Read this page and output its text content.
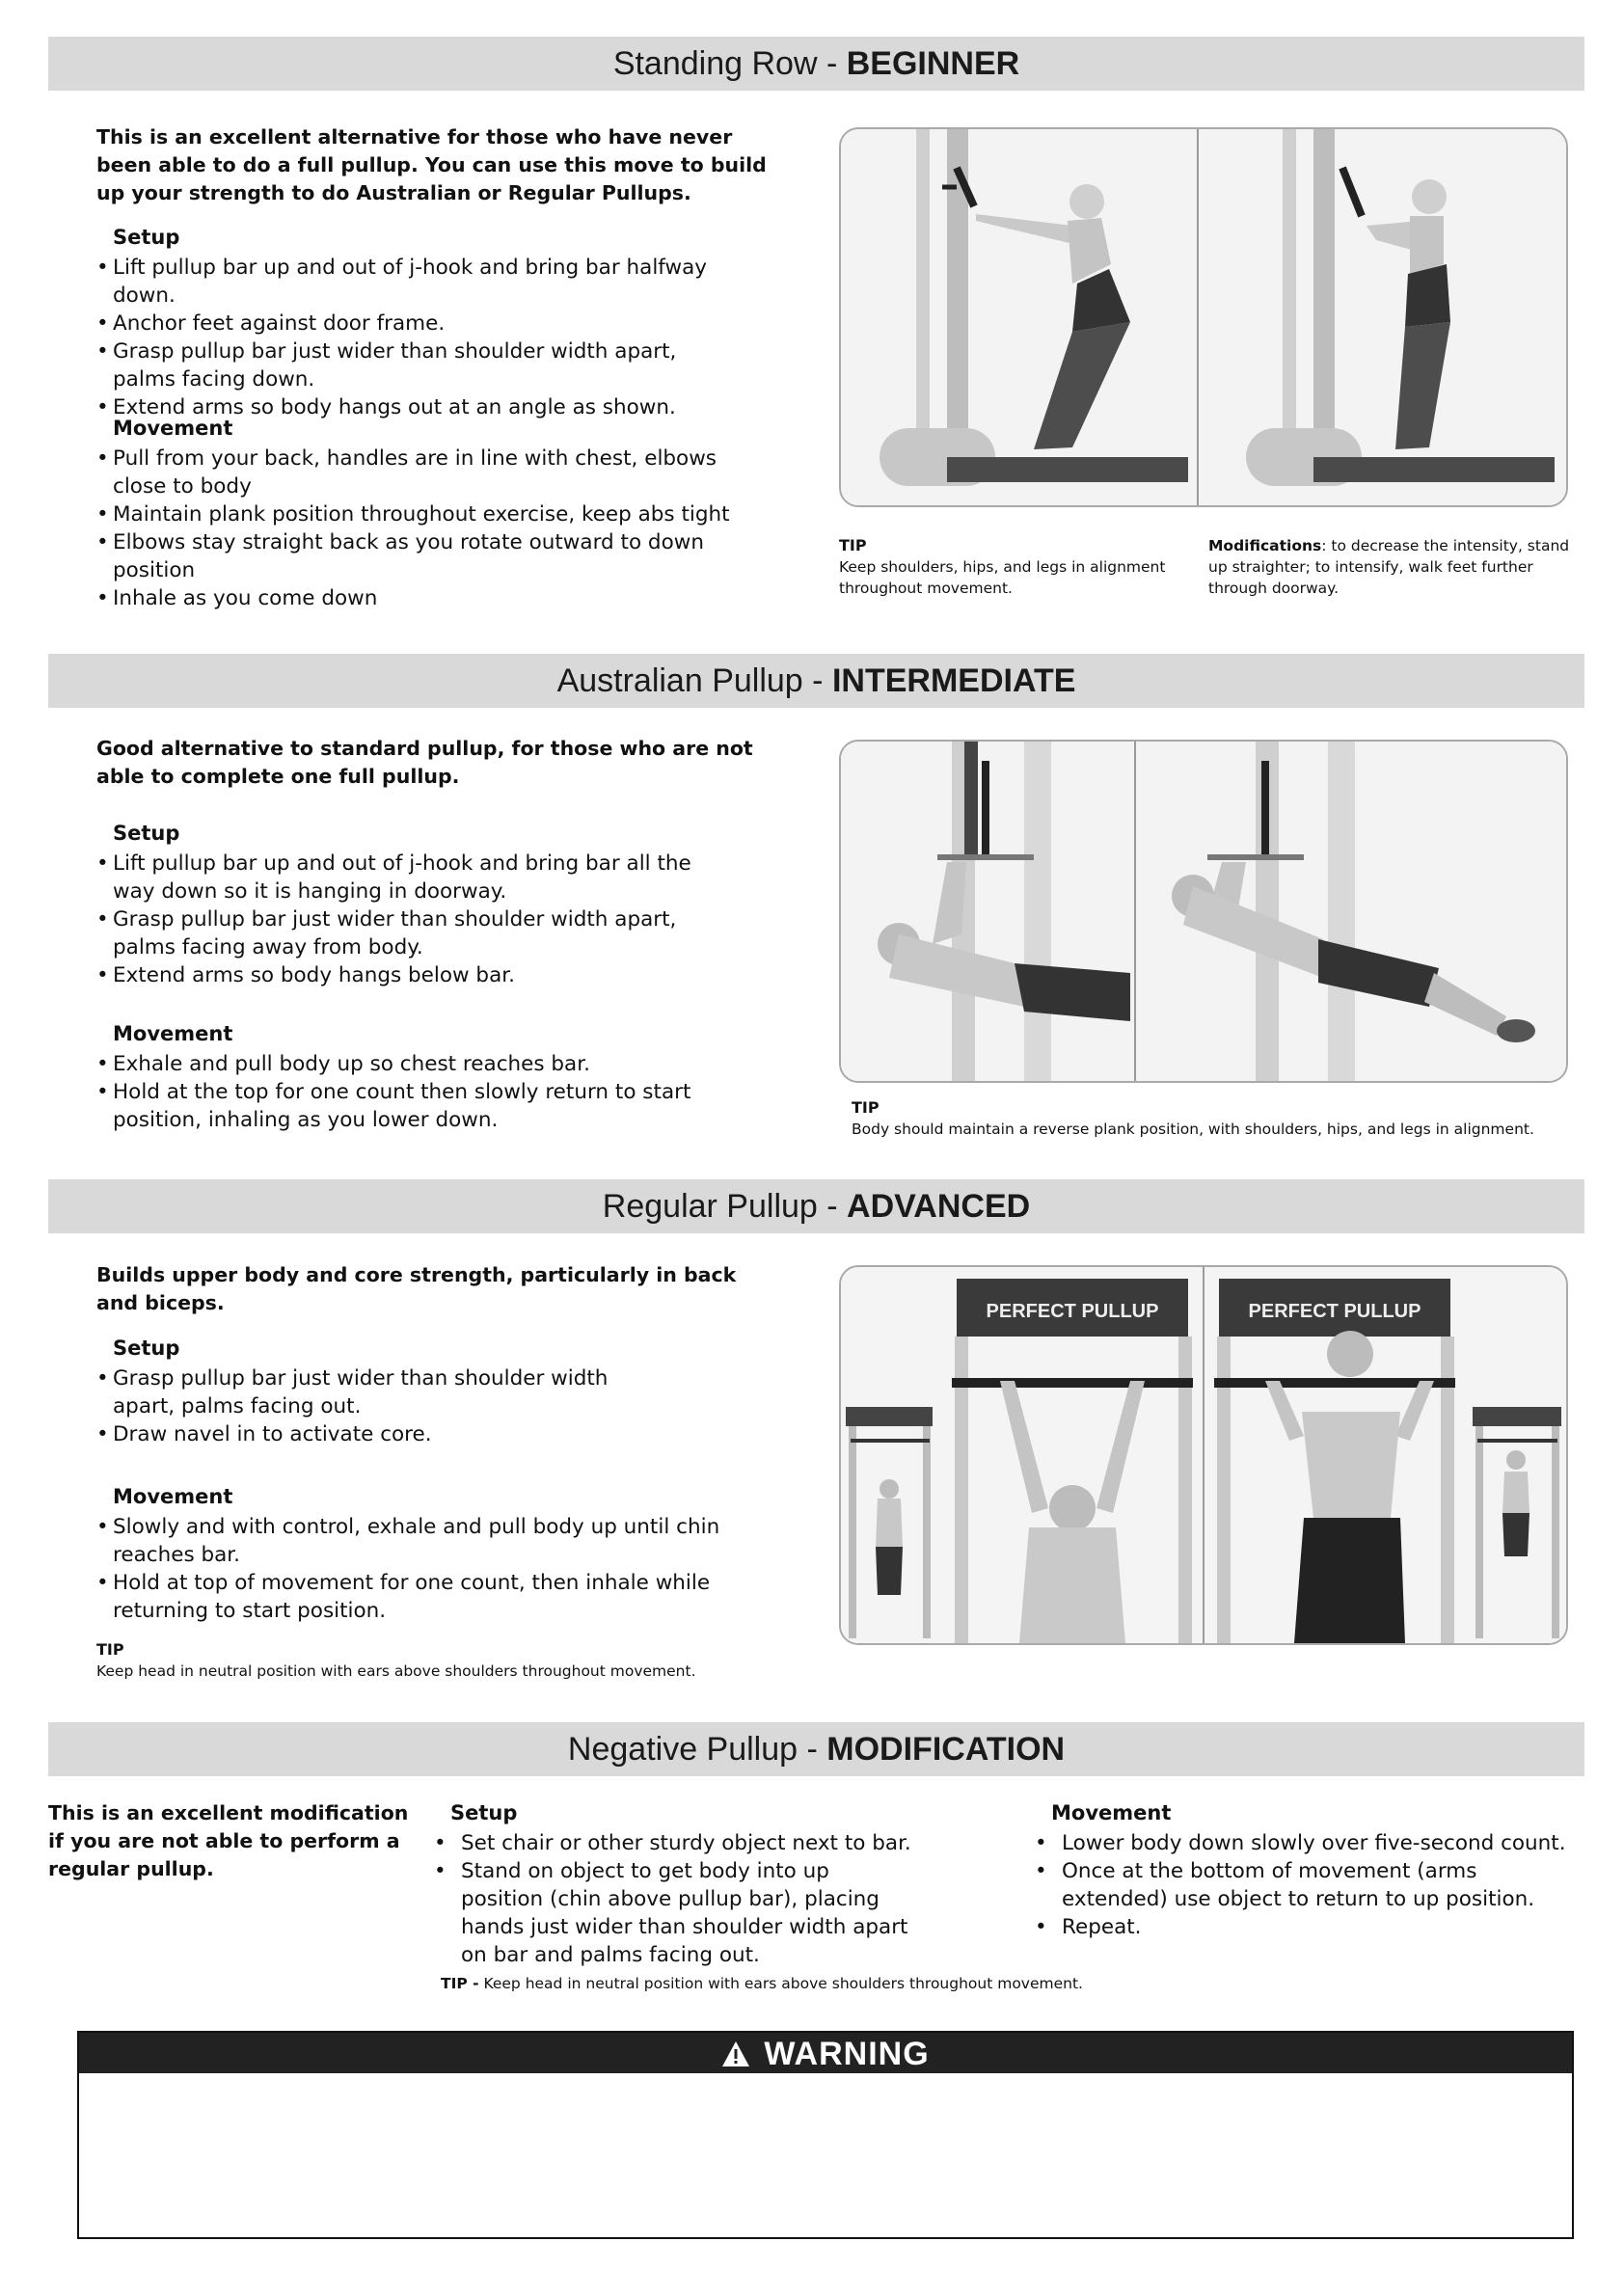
Standing Row - BEGINNER
This is an excellent alternative for those who have never been able to do a full pullup. You can use this move to build up your strength to do Australian or Regular Pullups.
Setup
• Lift pullup bar up and out of j-hook and bring bar halfway down.
• Anchor feet against door frame.
• Grasp pullup bar just wider than shoulder width apart, palms facing down.
• Extend arms so body hangs out at an angle as shown.
Movement
• Pull from your back, handles are in line with chest, elbows close to body
• Maintain plank position throughout exercise, keep abs tight
• Elbows stay straight back as you rotate outward to down position
• Inhale as you come down
TIP
Keep shoulders, hips, and legs in alignment throughout movement.
Modifications: to decrease the intensity, stand up straighter; to intensify, walk feet further through doorway.
Australian Pullup - INTERMEDIATE
Good alternative to standard pullup, for those who are not able to complete one full pullup.
Setup
• Lift pullup bar up and out of j-hook and bring bar all the way down so it is hanging in doorway.
• Grasp pullup bar just wider than shoulder width apart, palms facing away from body.
• Extend arms so body hangs below bar.
Movement
• Exhale and pull body up so chest reaches bar.
• Hold at the top for one count then slowly return to start position, inhaling as you lower down.
TIP
Body should maintain a reverse plank position, with shoulders, hips, and legs in alignment.
Regular Pullup - ADVANCED
Builds upper body and core strength, particularly in back and biceps.
Setup
• Grasp pullup bar just wider than shoulder width apart, palms facing out.
• Draw navel in to activate core.
Movement
• Slowly and with control, exhale and pull body up until chin reaches bar.
• Hold at top of movement for one count, then inhale while returning to start position.
TIP
Keep head in neutral position with ears above shoulders throughout movement.
PERFECT PULLUP	PERFECT PULLUP
Negative Pullup - MODIFICATION
This is an excellent modification if you are not able to perform a regular pullup.
Setup
• Set chair or other sturdy object next to bar.
• Stand on object to get body into up position (chin above pullup bar), placing hands just wider than shoulder width apart on bar and palms facing out.
Movement
• Lower body down slowly over five-second count.
• Once at the bottom of movement (arms extended) use object to return to up position.
• Repeat.
TIP - Keep head in neutral position with ears above shoulders throughout movement.
WARNING
